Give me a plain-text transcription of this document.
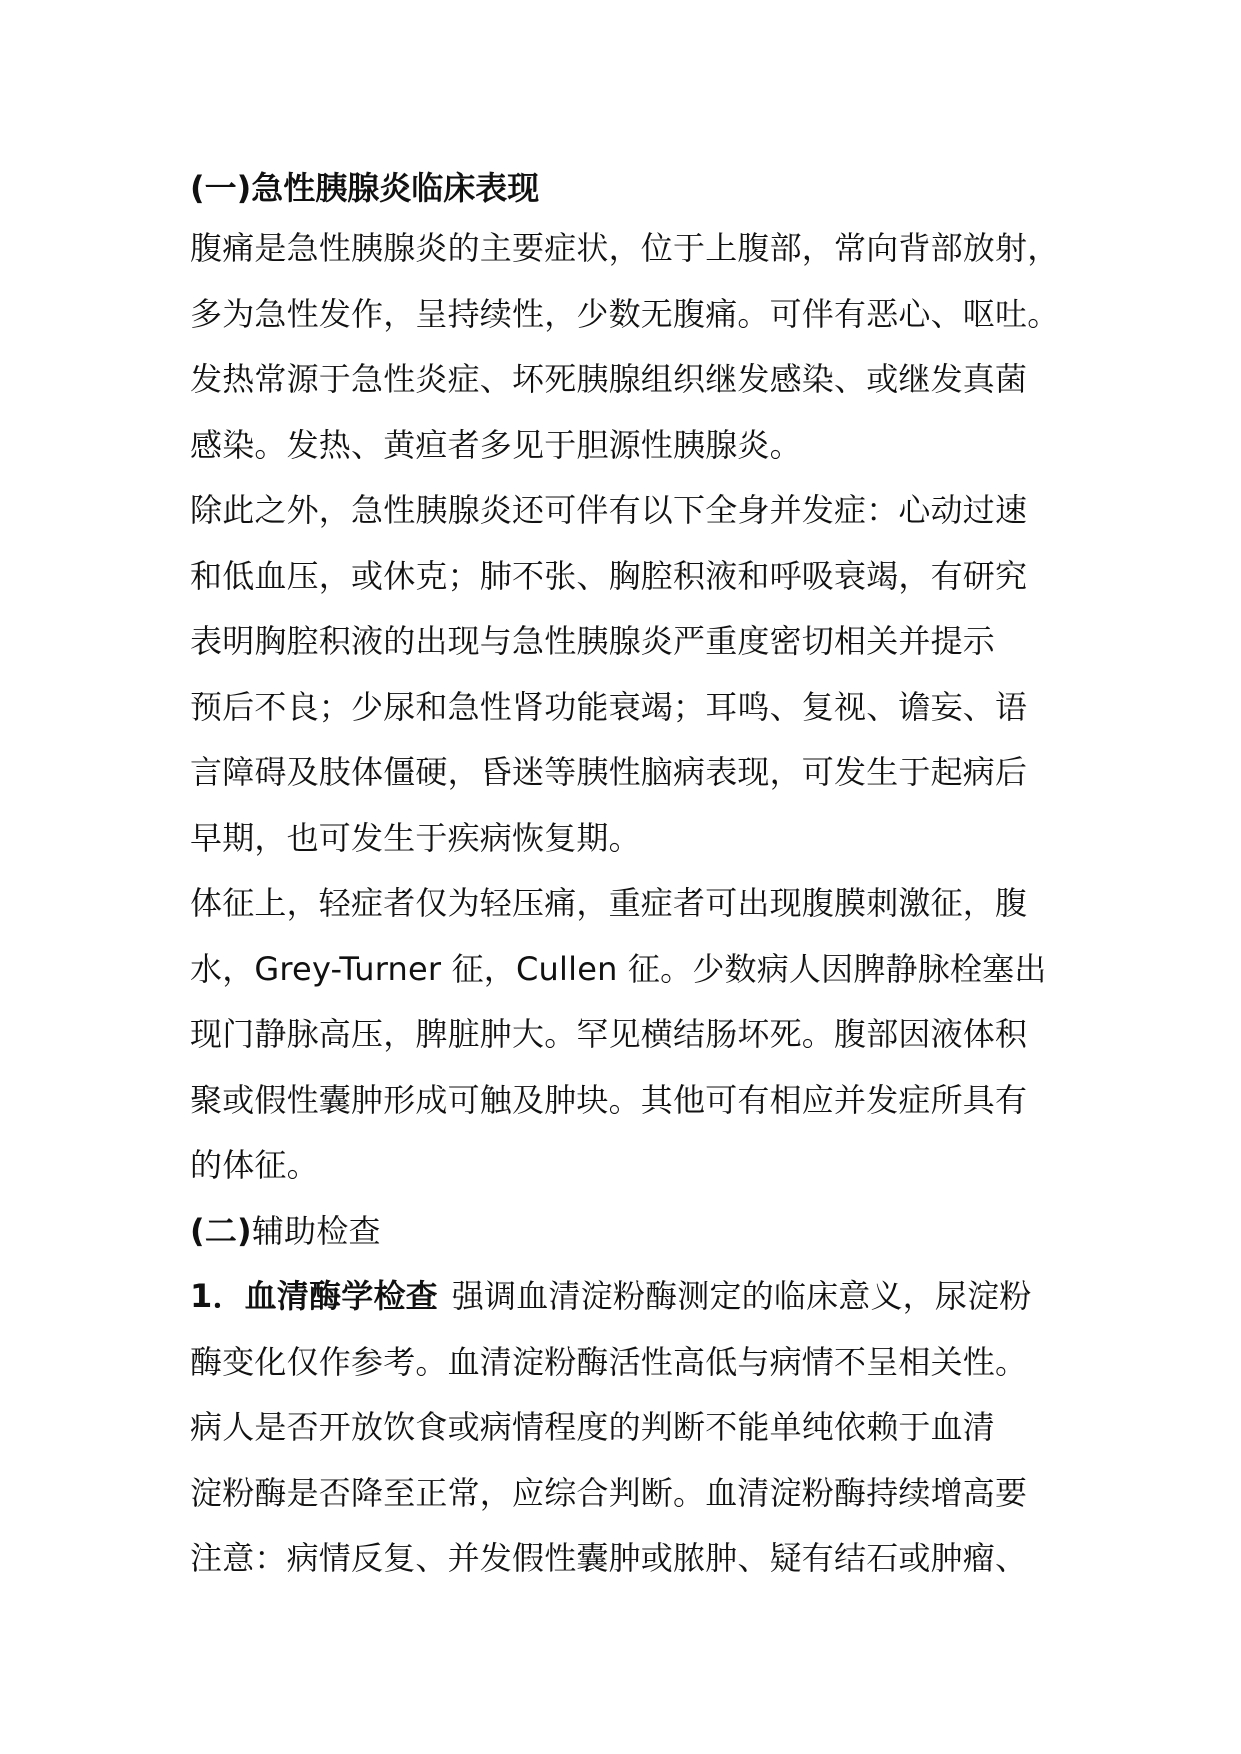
(一)急性胰腺炎临床表现
腹痛是急性胰腺炎的主要症状，位于上腹部，常向背部放射，
多为急性发作，呈持续性，少数无腹痛。可伴有恶心、呕吐。
发热常源于急性炎症、坏死胰腺组织继发感染、或继发真菌
感染。发热、黄疸者多见于胆源性胰腺炎。
除此之外，急性胰腺炎还可伴有以下全身并发症：心动过速
和低血压，或休克；肺不张、胸腔积液和呼吸衰竭，有研究
表明胸腔积液的出现与急性胰腺炎严重度密切相关并提示
预后不良；少尿和急性肾功能衰竭；耳鸣、复视、谵妄、语
言障碍及肢体僵硬，昏迷等胰性脑病表现，可发生于起病后
早期，也可发生于疾病恢复期。
体征上，轻症者仅为轻压痛，重症者可出现腹膜刺激征，腹
水，Grey-Turner 征，Cullen 征。少数病人因脾静脉栓塞出
现门静脉高压，脾脏肿大。罕见横结肠坏死。腹部因液体积
聚或假性囊肿形成可触及肿块。其他可有相应并发症所具有
的体征。
(二)辅助检查
1．血清酶学检查 强调血清淀粉酶测定的临床意义，尿淀粉
酶变化仅作参考。血清淀粉酶活性高低与病情不呈相关性。
病人是否开放饮食或病情程度的判断不能单纯依赖于血清
淀粉酶是否降至正常，应综合判断。血清淀粉酶持续增高要
注意：病情反复、并发假性囊肿或脓肿、疑有结石或肿瘤、
